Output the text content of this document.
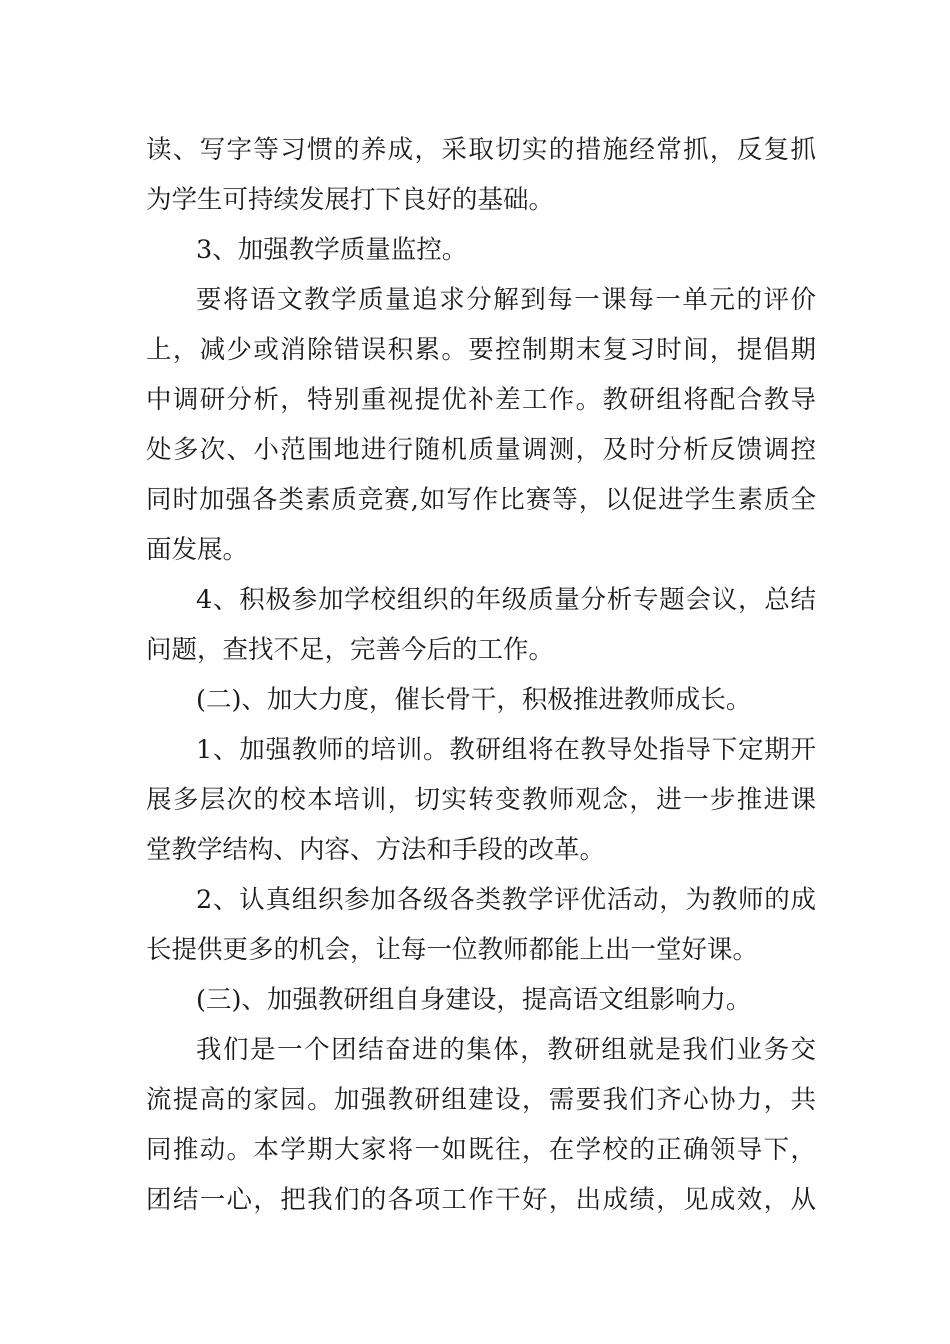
读、写字等习惯的养成，采取切实的措施经常抓，反复抓
为学生可持续发展打下良好的基础。
3、加强教学质量监控。
要将语文教学质量追求分解到每一课每一单元的评价
上，减少或消除错误积累。要控制期末复习时间，提倡期
中调研分析，特别重视提优补差工作。教研组将配合教导
处多次、小范围地进行随机质量调测，及时分析反馈调控
同时加强各类素质竞赛,如写作比赛等，以促进学生素质全
面发展。
4、积极参加学校组织的年级质量分析专题会议，总结
问题，查找不足，完善今后的工作。
(二)、加大力度，催长骨干，积极推进教师成长。
1、加强教师的培训。教研组将在教导处指导下定期开
展多层次的校本培训，切实转变教师观念，进一步推进课
堂教学结构、内容、方法和手段的改革。
2、认真组织参加各级各类教学评优活动，为教师的成
长提供更多的机会，让每一位教师都能上出一堂好课。
(三)、加强教研组自身建设，提高语文组影响力。
我们是一个团结奋进的集体，教研组就是我们业务交
流提高的家园。加强教研组建设，需要我们齐心协力，共
同推动。本学期大家将一如既往，在学校的正确领导下，
团结一心，把我们的各项工作干好，出成绩，见成效，从
